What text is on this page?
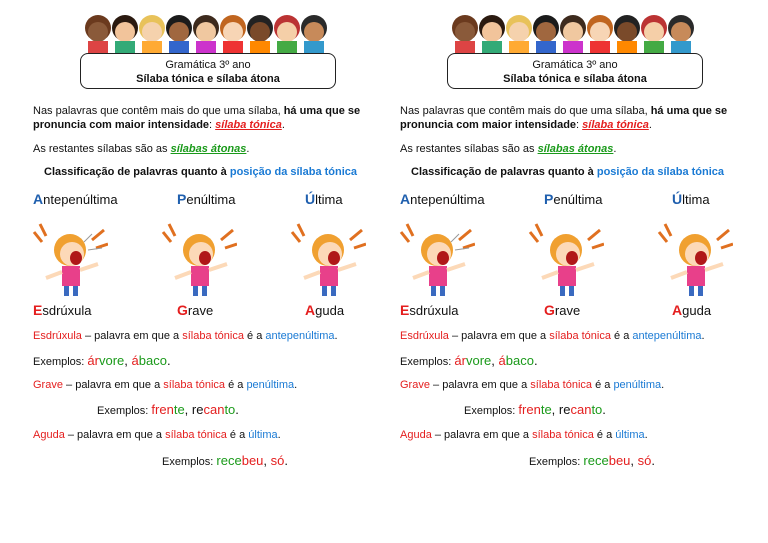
Gramática 3º ano
Sílaba tónica e sílaba átona
Nas palavras que contêm mais do que uma sílaba, há uma que se pronuncia com maior intensidade: sílaba tónica.
As restantes sílabas são as sílabas átonas.
Classificação de palavras quanto à posição da sílaba tónica
Antepenúltima	Penúltima	Última
Esdrúxula	Grave	Aguda
Esdrúxula – palavra em que a sílaba tónica é a antepenúltima.
Exemplos: árvore, ábaco.
Grave – palavra em que a sílaba tónica é a penúltima.
Exemplos: frente, recanto.
Aguda – palavra em que a sílaba tónica é a última.
Exemplos: recebeu, só.
Gramática 3º ano
Sílaba tónica e sílaba átona
Nas palavras que contêm mais do que uma sílaba, há uma que se pronuncia com maior intensidade: sílaba tónica.
As restantes sílabas são as sílabas átonas.
Classificação de palavras quanto à posição da sílaba tónica
Antepenúltima	Penúltima	Última
Esdrúxula	Grave	Aguda
Esdrúxula – palavra em que a sílaba tónica é a antepenúltima.
Exemplos: árvore, ábaco.
Grave – palavra em que a sílaba tónica é a penúltima.
Exemplos: frente, recanto.
Aguda – palavra em que a sílaba tónica é a última.
Exemplos: recebeu, só.
